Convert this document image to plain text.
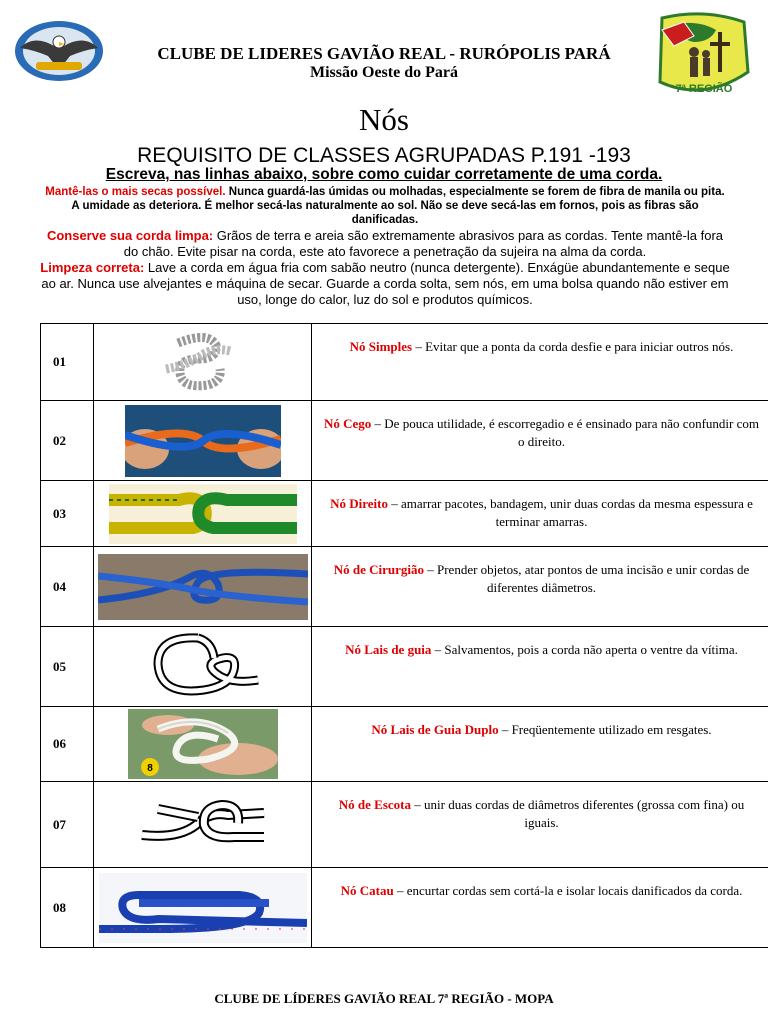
7ª REGIÃO
CLUBE DE LIDERES GAVIÃO REAL - RURÓPOLIS PARÁ
Missão Oeste do Pará
Nós
REQUISITO DE CLASSES AGRUPADAS P.191 -193
Escreva, nas linhas abaixo, sobre como cuidar corretamente de uma corda.
Mantê-las o mais secas possível. Nunca guardá-las úmidas ou molhadas, especialmente se forem de fibra de manila ou pita. A umidade as deteriora. É melhor secá-las naturalmente ao sol. Não se deve secá-las em fornos, pois as fibras são danificadas.
Conserve sua corda limpa: Grãos de terra e areia são extremamente abrasivos para as cordas. Tente mantê-la fora do chão. Evite pisar na corda, este ato favorece a penetração da sujeira na alma da corda.
Limpeza correta: Lave a corda em água fria com sabão neutro (nunca detergente). Enxágüe abundantemente e seque ao ar. Nunca use alvejantes e máquina de secar. Guarde a corda solta, sem nós, em uma bolsa quando não estiver em uso, longe do calor, luz do sol e produtos químicos.
01		Nó Simples – Evitar que a ponta da corda desfie e para iniciar outros nós.
02		Nó Cego – De pouca utilidade, é escorregadio e é ensinado para não confundir com o direito.
03		Nó Direito – amarrar pacotes, bandagem, unir duas cordas da mesma espessura e terminar amarras.
04		Nó de Cirurgião – Prender objetos, atar pontos de uma incisão e unir cordas de diferentes diâmetros.
05		Nó Lais de guia – Salvamentos, pois a corda não aperta o ventre da vítima.
06	8	Nó Lais de Guia Duplo – Freqüentemente utilizado em resgates.
07		Nó de Escota – unir duas cordas de diâmetros diferentes (grossa com fina) ou iguais.
08		Nó Catau – encurtar cordas sem cortá-la e isolar locais danificados da corda.
CLUBE DE LÍDERES GAVIÃO REAL 7ª REGIÃO - MOPA
